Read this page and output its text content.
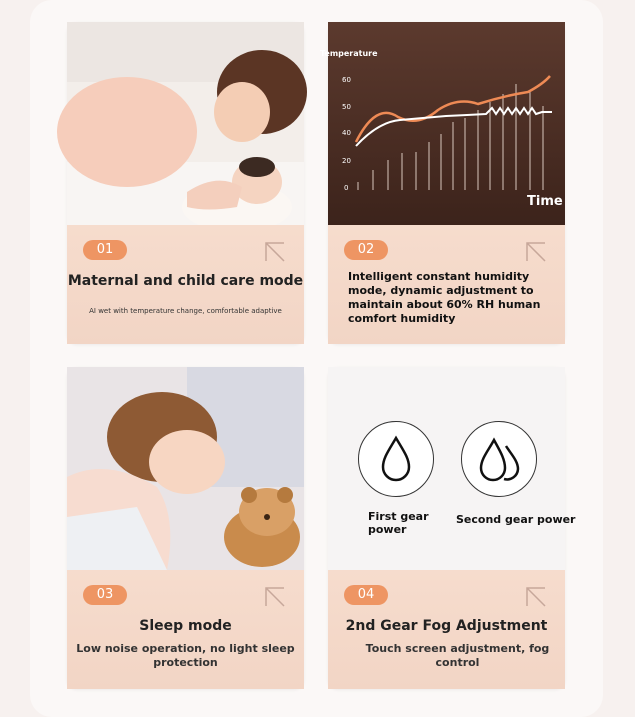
01
Maternal and child care mode
AI wet with temperature change, comfortable adaptive
Temperature
60
50
40
20
0
Time
02
Intelligent constant humidity mode, dynamic adjustment to maintain about 60% RH human comfort humidity
03
Sleep mode
Low noise operation, no light sleep protection
First gear power
Second gear power
04
2nd Gear Fog Adjustment
Touch screen adjustment, fog control
